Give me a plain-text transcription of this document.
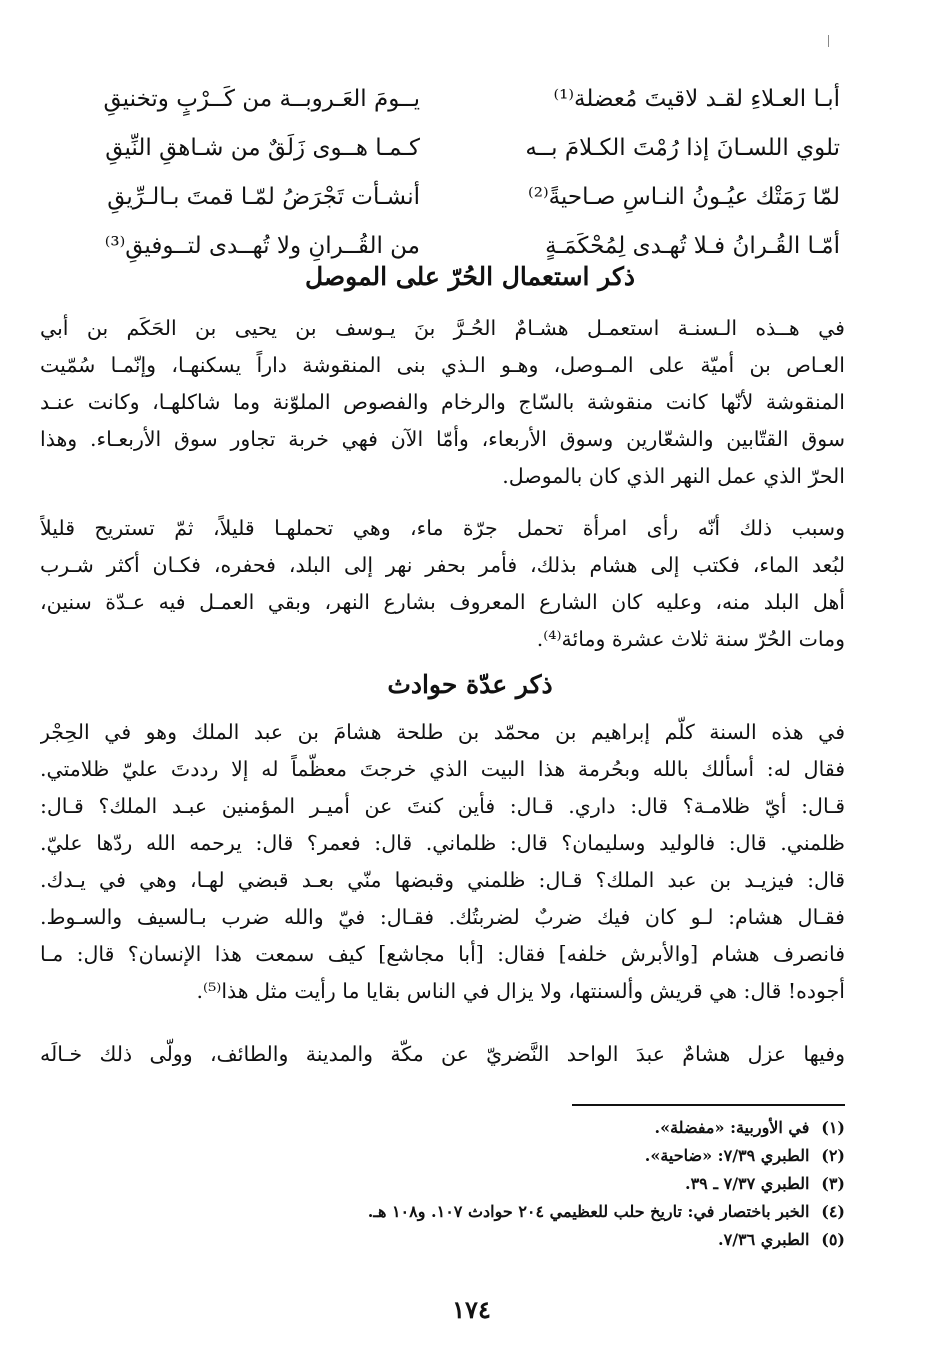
أبـا العـلاءِ لقـد لاقيتَ مُعضلة⁽¹⁾
يــومَ العَـروبــة من كَــرْبٍ وتخنيقِ
تلوي اللسـانَ إذا رُمْتَ الكـلامَ بــه
كـمـا هــوى زَلَقٌ من شـاهقِ النِّيقِ
لمّا رَمَتْك عيُـونُ النـاسِ صـاحيةً⁽²⁾
أنشـأت تَجْرَضُ لمّـا قمتَ بـالـرِّيقِ
أمّـا القُـرانُ فـلا تُهـدى لِمُحْكَمَـةٍ
من القُــرانِ ولا تُهــدى لتــوفيقِ⁽³⁾
ذكر استعمال الحُرّ على الموصل
في هــذه الـسنـة استعمـل هشـامٌ الحُـرَّ بنَ يـوسف بن يحيى بن الحَكَم بن أبي
العـاص بن أميّة على المـوصل، وهـو الـذي بنى المنقوشة داراً يسكنهـا، وإنّمـا سُمّيت
المنقوشة لأنّها كانت منقوشة بالسّاج والرخام والفصوص الملوّنة وما شاكلهـا، وكانت عنـد
سوق القتّابين والشعّارين وسوق الأربعاء، وأمّا الآن فهي خربة تجاور سوق الأربعـاء. وهذا
الحرّ الذي عمل النهر الذي كان بالموصل.
وسبب ذلك أنّه رأى امرأة تحمل جرّة ماء، وهي تحملهـا قليلاً، ثمّ تستريح قليلاً
لبُعد الماء، فكتب إلى هشام بذلك، فأمر بحفر نهر إلى البلد، فحفره، فكـان أكثر شـرب
أهل البلد منه، وعليه كان الشارع المعروف بشارع النهر، وبقي العمـل فيه عـدّة سنين،
ومات الحُرّ سنة ثلاث عشرة ومائة⁽⁴⁾.
ذكر عدّة حوادث
في هذه السنة كلّم إبراهيم بن محمّد بن طلحة هشامَ بن عبد الملك وهو في الحِجْر
فقال له: أسألك بالله وبحُرمة هذا البيت الذي خرجتَ معظّماً له إلا رددتَ عليّ ظلامتي.
قـال: أيّ ظلامـة؟ قال: داري. قـال: فأين كنتَ عن أميـر المؤمنين عبـد الملك؟ قـال:
ظلمني. قال: فالوليد وسليمان؟ قال: ظلماني. قال: فعمر؟ قال: يرحمه الله ردّها عليّ.
قال: فيزيـد بن عبد الملك؟ قـال: ظلمني وقبضها منّي بعـد قبضي لهـا، وهي في يـدك.
فقـال هشام: لـو كان فيك ضربٌ لضربتُك. فقـال: فيّ والله ضرب بـالسيف والسـوط.
فانصرف هشام [والأبرش خلفه] فقال: [أبا مجاشع] كيف سمعت هذا الإنسان؟ قال: مـا
أجوده! قال: هي قريش وألسنتها، ولا يزال في الناس بقايا ما رأيت مثل هذا⁽⁵⁾.
وفيها عزل هشامٌ عبدَ الواحد النَّضريّ عن مكّة والمدينة والطائف، وولّى ذلك خـالَه
(١) في الأوربية: «مفضلة».
(٢) الطبري ٧/٣٩: «ضاحية».
(٣) الطبري ٧/٣٧ ـ ٣٩.
(٤) الخبر باختصار في: تاريخ حلب للعظيمي ٢٠٤ حوادث ١٠٧. و١٠٨ هـ.
(٥) الطبري ٧/٣٦.
١٧٤
